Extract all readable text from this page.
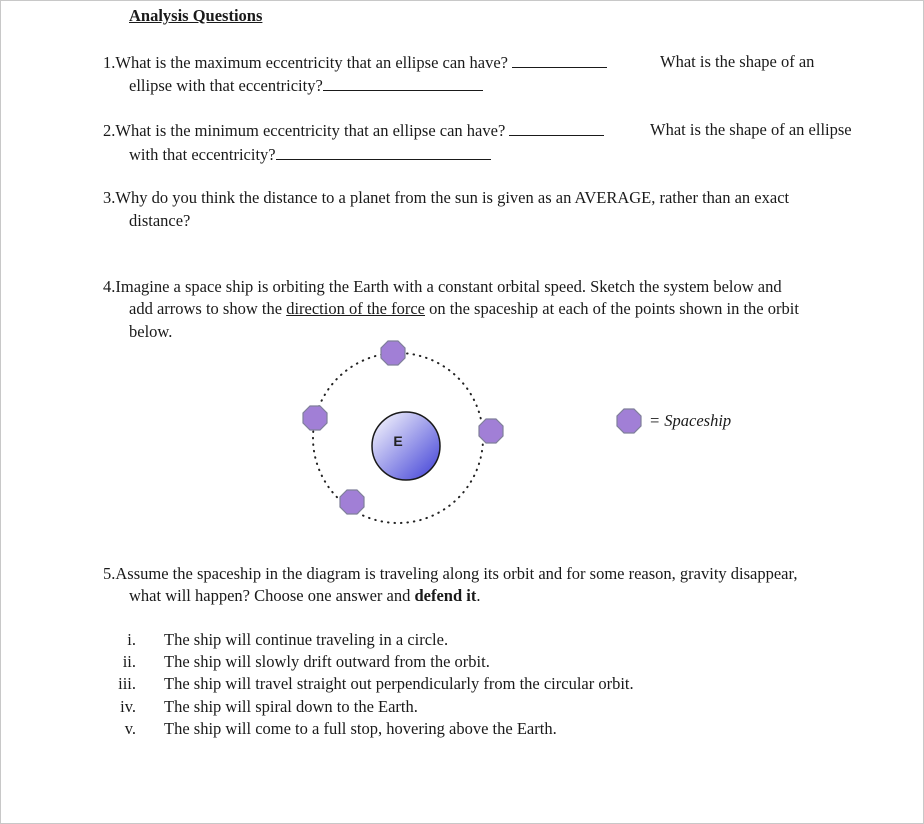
Analysis Questions
1.What is the maximum eccentricity that an ellipse can have?	What is the shape of an
ellipse with that eccentricity?
2.What is the minimum eccentricity that an ellipse can have?	What is the shape of an ellipse
with that eccentricity?
3.Why do you think the distance to a planet from the sun is given as an AVERAGE, rather than an exact
distance?
4.Imagine a space ship is orbiting the Earth with a constant orbital speed. Sketch the system below and
add arrows to show the direction of the force on the spaceship at each of the points shown in the orbit
below.
E
= Spaceship
5.Assume the spaceship in the diagram is traveling along its orbit and for some reason, gravity disappear,
what will happen? Choose one answer and defend it.
i. The ship will continue traveling in a circle.
ii. The ship will slowly drift outward from the orbit.
iii. The ship will travel straight out perpendicularly from the circular orbit.
iv. The ship will spiral down to the Earth.
v. The ship will come to a full stop, hovering above the Earth.
